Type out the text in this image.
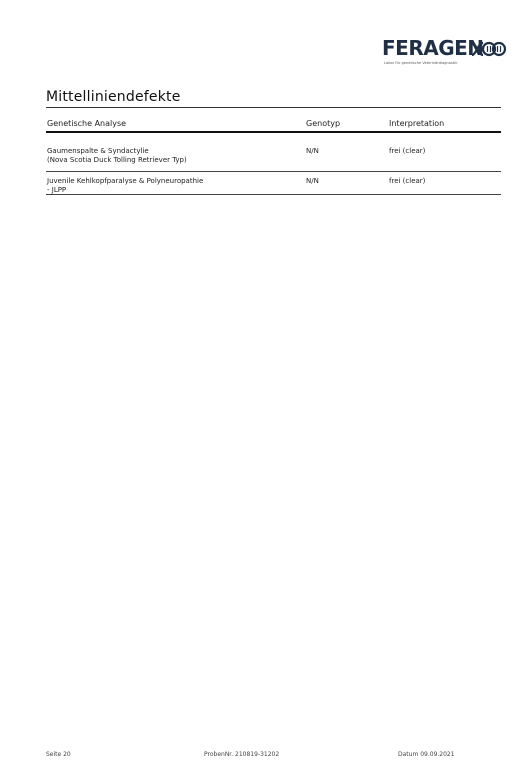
FERAGEN
Labor für genetische Veterinärdiagnostik
Mittelliniendefekte
Genetische Analyse	Genotyp	Interpretation
Gaumenspalte & Syndactylie
(Nova Scotia Duck Tolling Retriever Typ)
N/N	frei (clear)
Juvenile Kehlkopfparalyse & Polyneuropathie
- JLPP
N/N	frei (clear)
Seite 20	ProbenNr. 210819-31202	Datum 09.09.2021
